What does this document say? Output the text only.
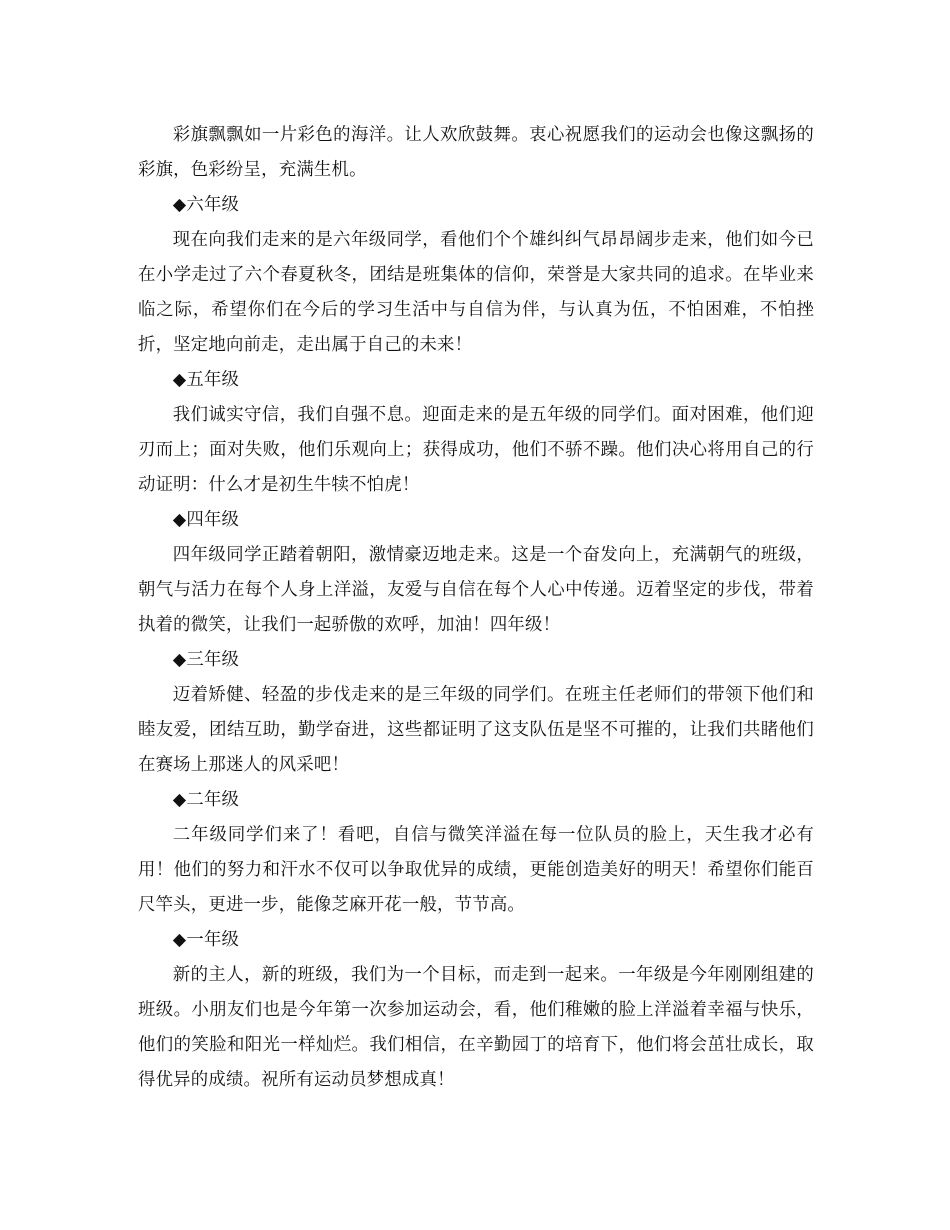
彩旗飘飘如一片彩色的海洋。让人欢欣鼓舞。衷心祝愿我们的运动会也像这飘扬的彩旗，色彩纷呈，充满生机。

◆六年级

现在向我们走来的是六年级同学，看他们个个雄纠纠气昂昂阔步走来，他们如今已在小学走过了六个春夏秋冬，团结是班集体的信仰，荣誉是大家共同的追求。在毕业来临之际，希望你们在今后的学习生活中与自信为伴，与认真为伍，不怕困难，不怕挫折，坚定地向前走，走出属于自己的未来！

◆五年级

我们诚实守信，我们自强不息。迎面走来的是五年级的同学们。面对困难，他们迎刃而上；面对失败，他们乐观向上；获得成功，他们不骄不躁。他们决心将用自己的行动证明：什么才是初生牛犊不怕虎！

◆四年级

四年级同学正踏着朝阳，激情豪迈地走来。这是一个奋发向上，充满朝气的班级，朝气与活力在每个人身上洋溢，友爱与自信在每个人心中传递。迈着坚定的步伐，带着执着的微笑，让我们一起骄傲的欢呼，加油！四年级！

◆三年级

迈着矫健、轻盈的步伐走来的是三年级的同学们。在班主任老师们的带领下他们和睦友爱，团结互助，勤学奋进，这些都证明了这支队伍是坚不可摧的，让我们共睹他们在赛场上那迷人的风采吧！

◆二年级

二年级同学们来了！看吧，自信与微笑洋溢在每一位队员的脸上，天生我才必有用！他们的努力和汗水不仅可以争取优异的成绩，更能创造美好的明天！希望你们能百尺竿头，更进一步，能像芝麻开花一般，节节高。

◆一年级

新的主人，新的班级，我们为一个目标，而走到一起来。一年级是今年刚刚组建的班级。小朋友们也是今年第一次参加运动会，看，他们稚嫩的脸上洋溢着幸福与快乐，他们的笑脸和阳光一样灿烂。我们相信，在辛勤园丁的培育下，他们将会茁壮成长，取得优异的成绩。祝所有运动员梦想成真！
